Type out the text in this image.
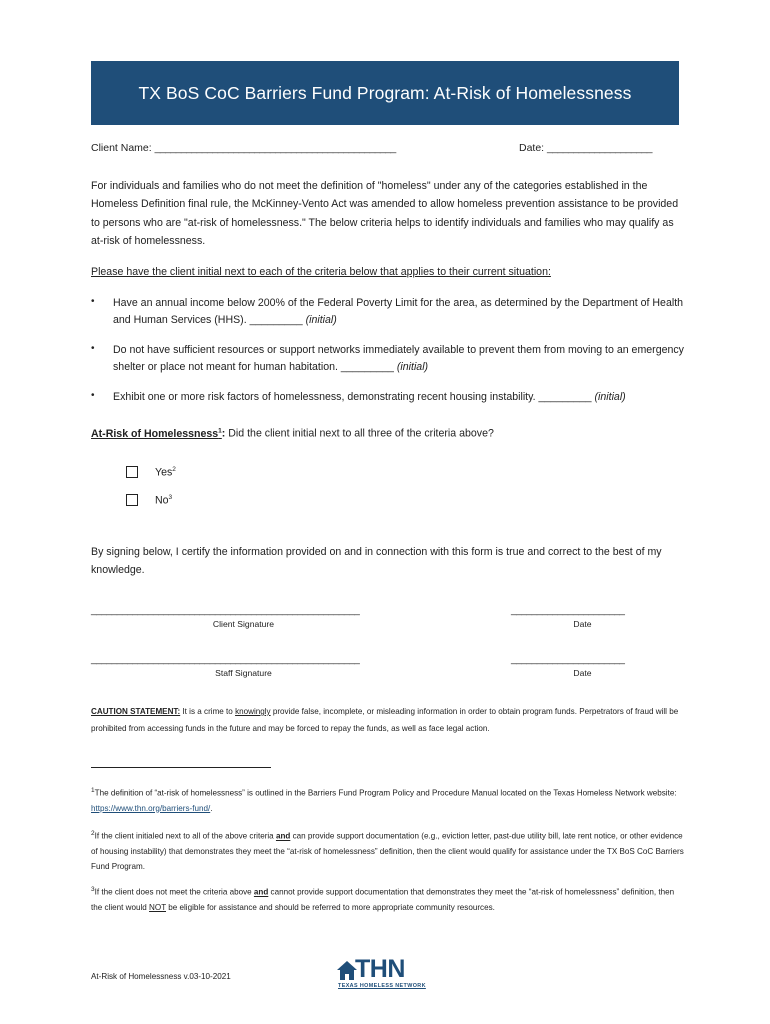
TX BoS CoC Barriers Fund Program: At-Risk of Homelessness
Client Name: ______________________________________________	Date: ____________________
For individuals and families who do not meet the definition of "homeless" under any of the categories established in the Homeless Definition final rule, the McKinney-Vento Act was amended to allow homeless prevention assistance to be provided to persons who are "at-risk of homelessness." The below criteria helps to identify individuals and families who may qualify as at-risk of homelessness.
Please have the client initial next to each of the criteria below that applies to their current situation:
•	Have an annual income below 200% of the Federal Poverty Limit for the area, as determined by the Department of Health and Human Services (HHS). _________ (initial)
•	Do not have sufficient resources or support networks immediately available to prevent them from moving to an emergency shelter or place not meant for human habitation. _________ (initial)
•	Exhibit one or more risk factors of homelessness, demonstrating recent housing instability. _________ (initial)
At-Risk of Homelessness$^1$: Did the client initial next to all three of the criteria above?
Yes$^2$
No$^3$
By signing below, I certify the information provided on and in connection with this form is true and correct to the best of my knowledge.
____________________________________________________
Client Signature
______________________
Date
____________________________________________________
Staff Signature
______________________
Date
CAUTION STATEMENT: It is a crime to knowingly provide false, incomplete, or misleading information in order to obtain program funds. Perpetrators of fraud will be prohibited from accessing funds in the future and may be forced to repay the funds, as well as face legal action.
$^1$The definition of “at-risk of homelessness” is outlined in the Barriers Fund Program Policy and Procedure Manual located on the Texas Homeless Network website: https://www.thn.org/barriers-fund/.
$^2$If the client initialed next to all of the above criteria and can provide support documentation (e.g., eviction letter, past-due utility bill, late rent notice, or other evidence of housing instability) that demonstrates they meet the “at-risk of homelessness” definition, then the client would qualify for assistance under the TX BoS CoC Barriers Fund Program.
$^3$If the client does not meet the criteria above and cannot provide support documentation that demonstrates they meet the “at-risk of homelessness” definition, then the client would NOT be eligible for assistance and should be referred to more appropriate community resources.
At-Risk of Homelessness v.03-10-2021	THN
TEXAS HOMELESS NETWORK
